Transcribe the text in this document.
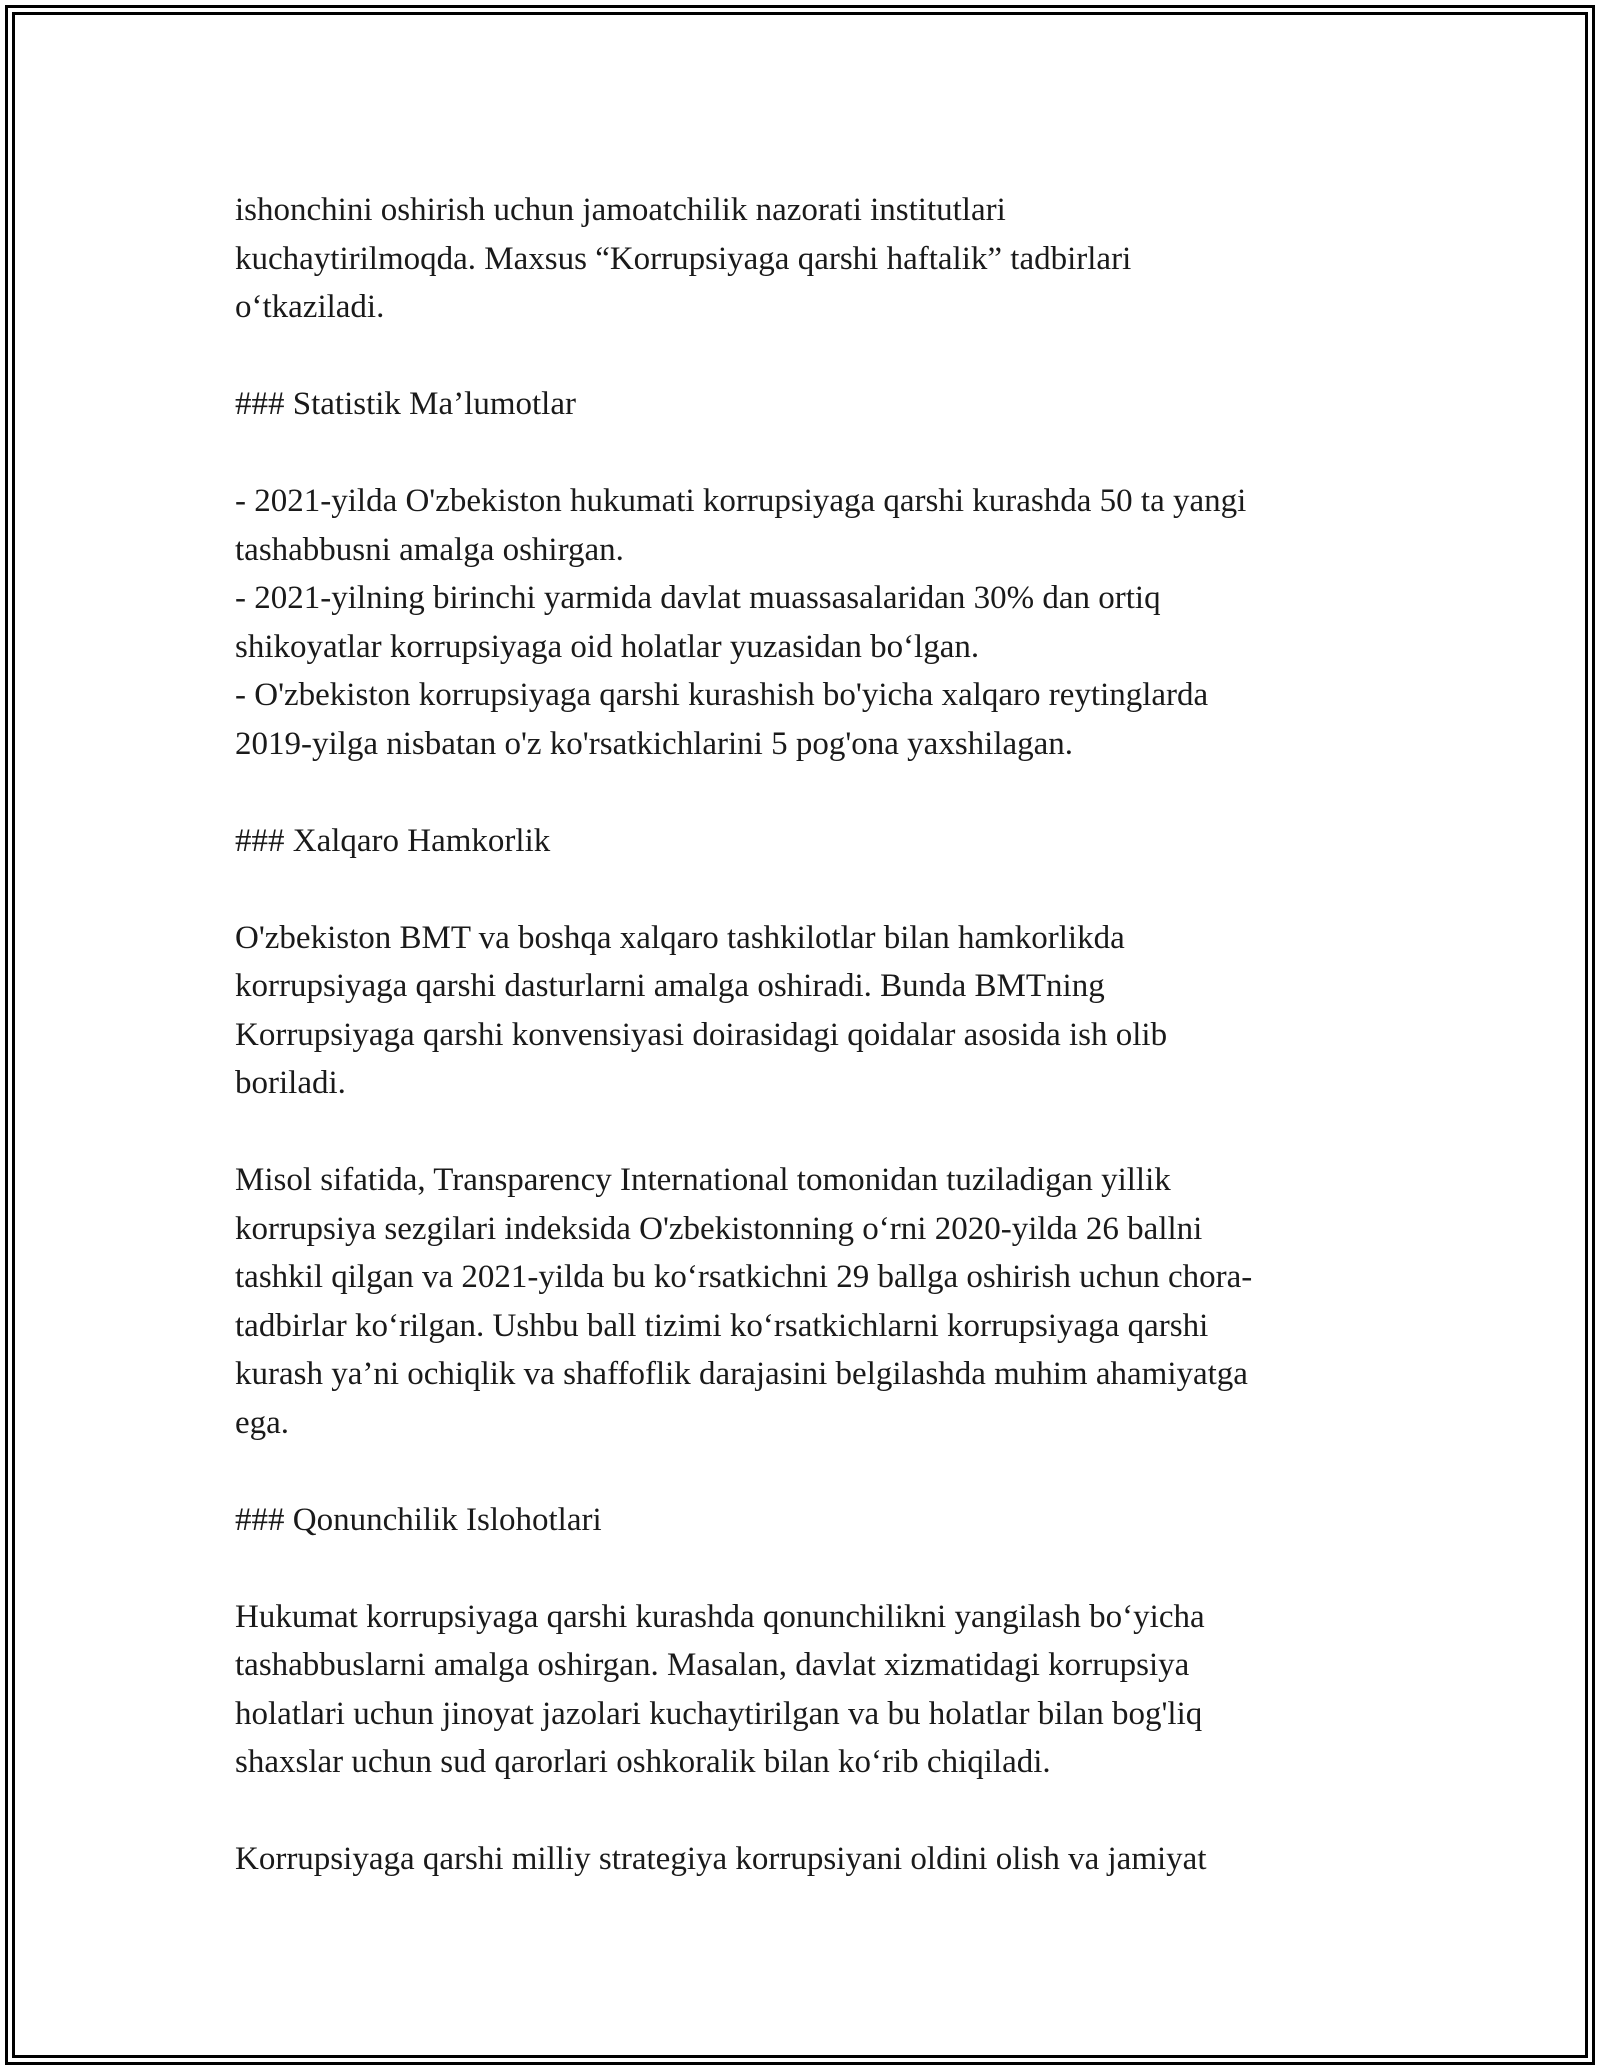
ishonchini oshirish uchun jamoatchilik nazorati institutlari
kuchaytirilmoqda. Maxsus “Korrupsiyaga qarshi haftalik” tadbirlari
o‘tkaziladi.
### Statistik Ma’lumotlar
- 2021-yilda O'zbekiston hukumati korrupsiyaga qarshi kurashda 50 ta yangi
tashabbusni amalga oshirgan.
- 2021-yilning birinchi yarmida davlat muassasalaridan 30% dan ortiq
shikoyatlar korrupsiyaga oid holatlar yuzasidan bo‘lgan.
- O'zbekiston korrupsiyaga qarshi kurashish bo'yicha xalqaro reytinglarda
2019-yilga nisbatan o'z ko'rsatkichlarini 5 pog'ona yaxshilagan.
### Xalqaro Hamkorlik
O'zbekiston BMT va boshqa xalqaro tashkilotlar bilan hamkorlikda
korrupsiyaga qarshi dasturlarni amalga oshiradi. Bunda BMTning
Korrupsiyaga qarshi konvensiyasi doirasidagi qoidalar asosida ish olib
boriladi.
Misol sifatida, Transparency International tomonidan tuziladigan yillik
korrupsiya sezgilari indeksida O'zbekistonning o‘rni 2020-yilda 26 ballni
tashkil qilgan va 2021-yilda bu ko‘rsatkichni 29 ballga oshirish uchun chora-
tadbirlar ko‘rilgan. Ushbu ball tizimi ko‘rsatkichlarni korrupsiyaga qarshi
kurash ya’ni ochiqlik va shaffoflik darajasini belgilashda muhim ahamiyatga
ega.
### Qonunchilik Islohotlari
Hukumat korrupsiyaga qarshi kurashda qonunchilikni yangilash bo‘yicha
tashabbuslarni amalga oshirgan. Masalan, davlat xizmatidagi korrupsiya
holatlari uchun jinoyat jazolari kuchaytirilgan va bu holatlar bilan bog'liq
shaxslar uchun sud qarorlari oshkoralik bilan ko‘rib chiqiladi.
Korrupsiyaga qarshi milliy strategiya korrupsiyani oldini olish va jamiyat
